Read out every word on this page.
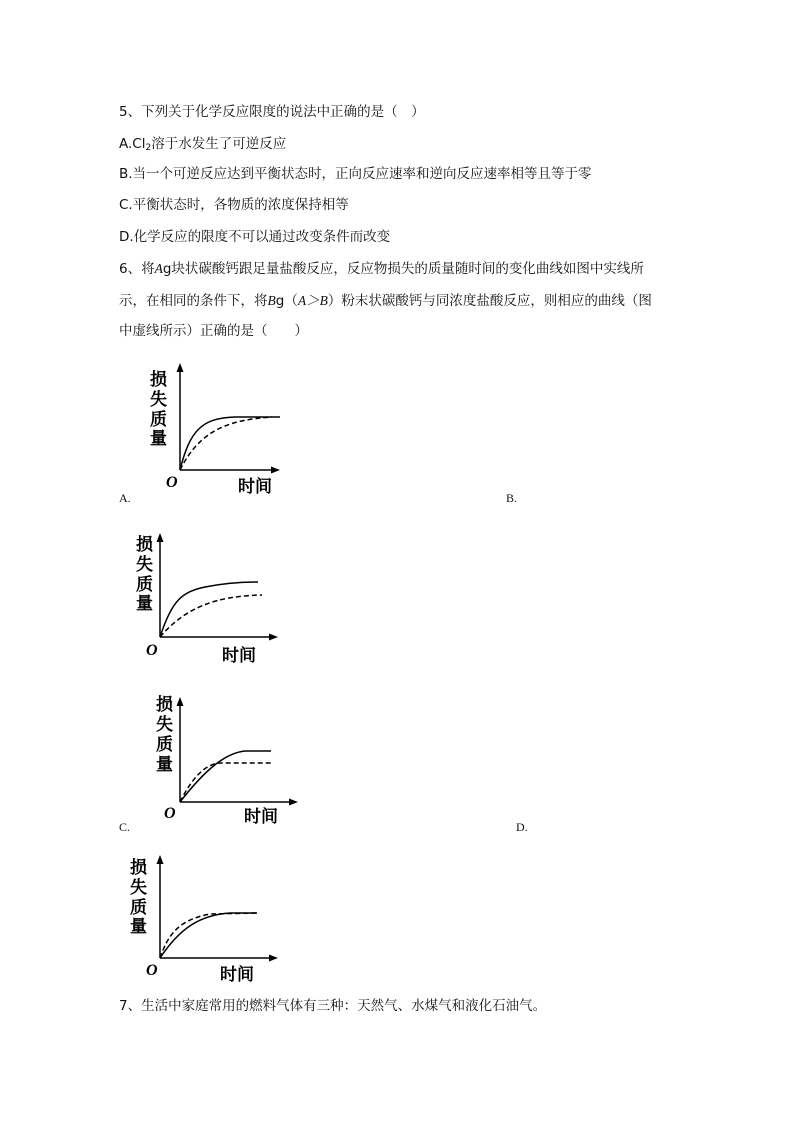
5、下列关于化学反应限度的说法中正确的是（　）
$A.Cl_2$溶于水发生了可逆反应
B.当一个可逆反应达到平衡状态时，正向反应速率和逆向反应速率相等且等于零
C.平衡状态时，各物质的浓度保持相等
D.化学反应的限度不可以通过改变条件而改变
6、将Ag块状碳酸钙跟足量盐酸反应，反应物损失的质量随时间的变化曲线如图中实线所
示，在相同的条件下，将Bg（A＞B）粉末状碳酸钙与同浓度盐酸反应，则相应的曲线（图
中虚线所示）正确的是（　　）
损
失
质
量
O	时间
A.	B.
损
失
质
量
O	时间
损
失
质
量
O	时间
C.	D.
损
失
质
量
O	时间
7、生活中家庭常用的燃料气体有三种：天然气、水煤气和液化石油气。
